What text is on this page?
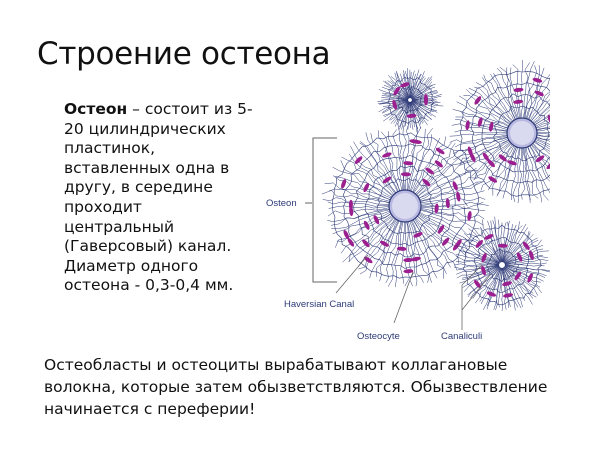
Строение остеона
Остеон – состоит из 5-20 цилиндрических пластинок, вставленных одна в другу, в середине проходит центральный (Гаверсовый) канал. Диаметр одного остеона - 0,3-0,4 мм.
Osteon
Haversian Canal
Osteocyte	Canaliculi
Остеобласты и остеоциты вырабатывают коллагановые волокна, которые затем обызветствляются. Обызвествление начинается с переферии!
